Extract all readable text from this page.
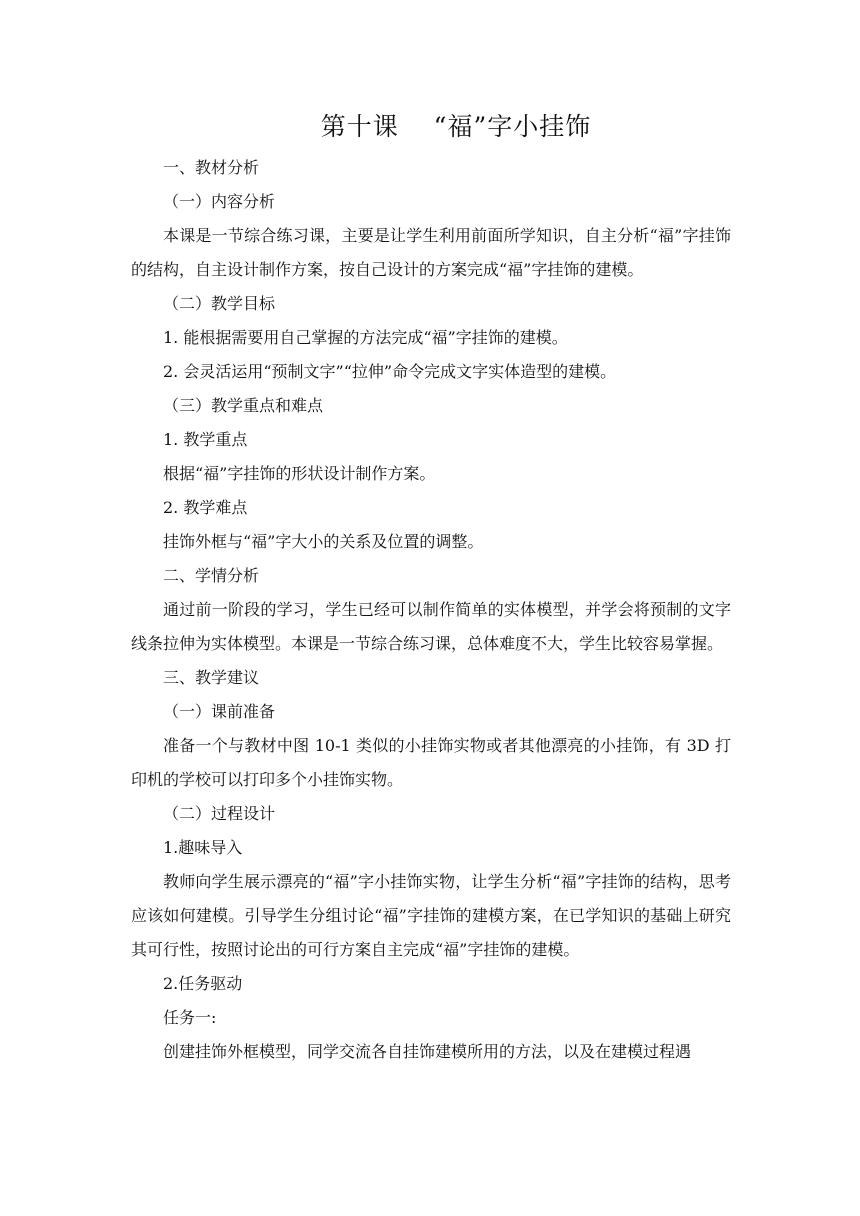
第十课　 “福”字小挂饰

一、教材分析

（一）内容分析

本课是一节综合练习课，主要是让学生利用前面所学知识，自主分析“福”字挂饰的结构，自主设计制作方案，按自己设计的方案完成“福”字挂饰的建模。

（二）教学目标

1. 能根据需要用自己掌握的方法完成“福”字挂饰的建模。

2. 会灵活运用“预制文字”“拉伸”命令完成文字实体造型的建模。

（三）教学重点和难点

1. 教学重点

根据“福”字挂饰的形状设计制作方案。

2. 教学难点

挂饰外框与“福”字大小的关系及位置的调整。

二、学情分析

通过前一阶段的学习，学生已经可以制作简单的实体模型，并学会将预制的文字线条拉伸为实体模型。本课是一节综合练习课，总体难度不大，学生比较容易掌握。

三、教学建议

（一）课前准备

准备一个与教材中图 10-1 类似的小挂饰实物或者其他漂亮的小挂饰，有 3D 打印机的学校可以打印多个小挂饰实物。

（二）过程设计

1.趣味导入

教师向学生展示漂亮的“福”字小挂饰实物，让学生分析“福”字挂饰的结构，思考应该如何建模。引导学生分组讨论“福”字挂饰的建模方案，在已学知识的基础上研究其可行性，按照讨论出的可行方案自主完成“福”字挂饰的建模。

2.任务驱动

任务一:

创建挂饰外框模型，同学交流各自挂饰建模所用的方法，以及在建模过程遇
